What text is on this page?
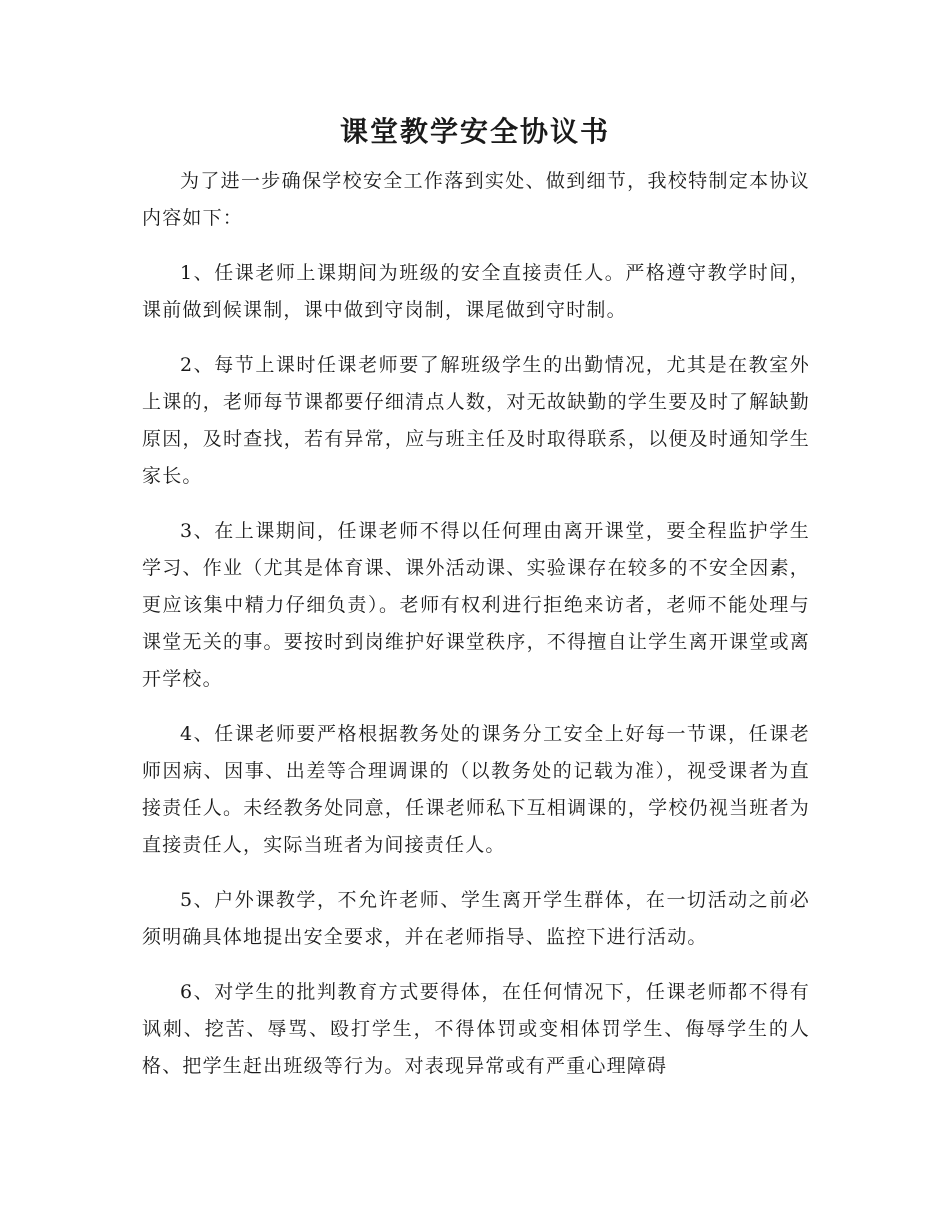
课堂教学安全协议书

为了进一步确保学校安全工作落到实处、做到细节，我校特制定本协议内容如下：

1、任课老师上课期间为班级的安全直接责任人。严格遵守教学时间，课前做到候课制，课中做到守岗制，课尾做到守时制。

2、每节上课时任课老师要了解班级学生的出勤情况，尤其是在教室外上课的，老师每节课都要仔细清点人数，对无故缺勤的学生要及时了解缺勤原因，及时查找，若有异常，应与班主任及时取得联系，以便及时通知学生家长。

3、在上课期间，任课老师不得以任何理由离开课堂，要全程监护学生学习、作业（尤其是体育课、课外活动课、实验课存在较多的不安全因素，更应该集中精力仔细负责）。老师有权利进行拒绝来访者，老师不能处理与课堂无关的事。要按时到岗维护好课堂秩序，不得擅自让学生离开课堂或离开学校。

4、任课老师要严格根据教务处的课务分工安全上好每一节课，任课老师因病、因事、出差等合理调课的（以教务处的记载为准），视受课者为直接责任人。未经教务处同意，任课老师私下互相调课的，学校仍视当班者为直接责任人，实际当班者为间接责任人。

5、户外课教学，不允许老师、学生离开学生群体，在一切活动之前必须明确具体地提出安全要求，并在老师指导、监控下进行活动。

6、对学生的批判教育方式要得体，在任何情况下，任课老师都不得有讽刺、挖苦、辱骂、殴打学生，不得体罚或变相体罚学生、侮辱学生的人格、把学生赶出班级等行为。对表现异常或有严重心理障碍
